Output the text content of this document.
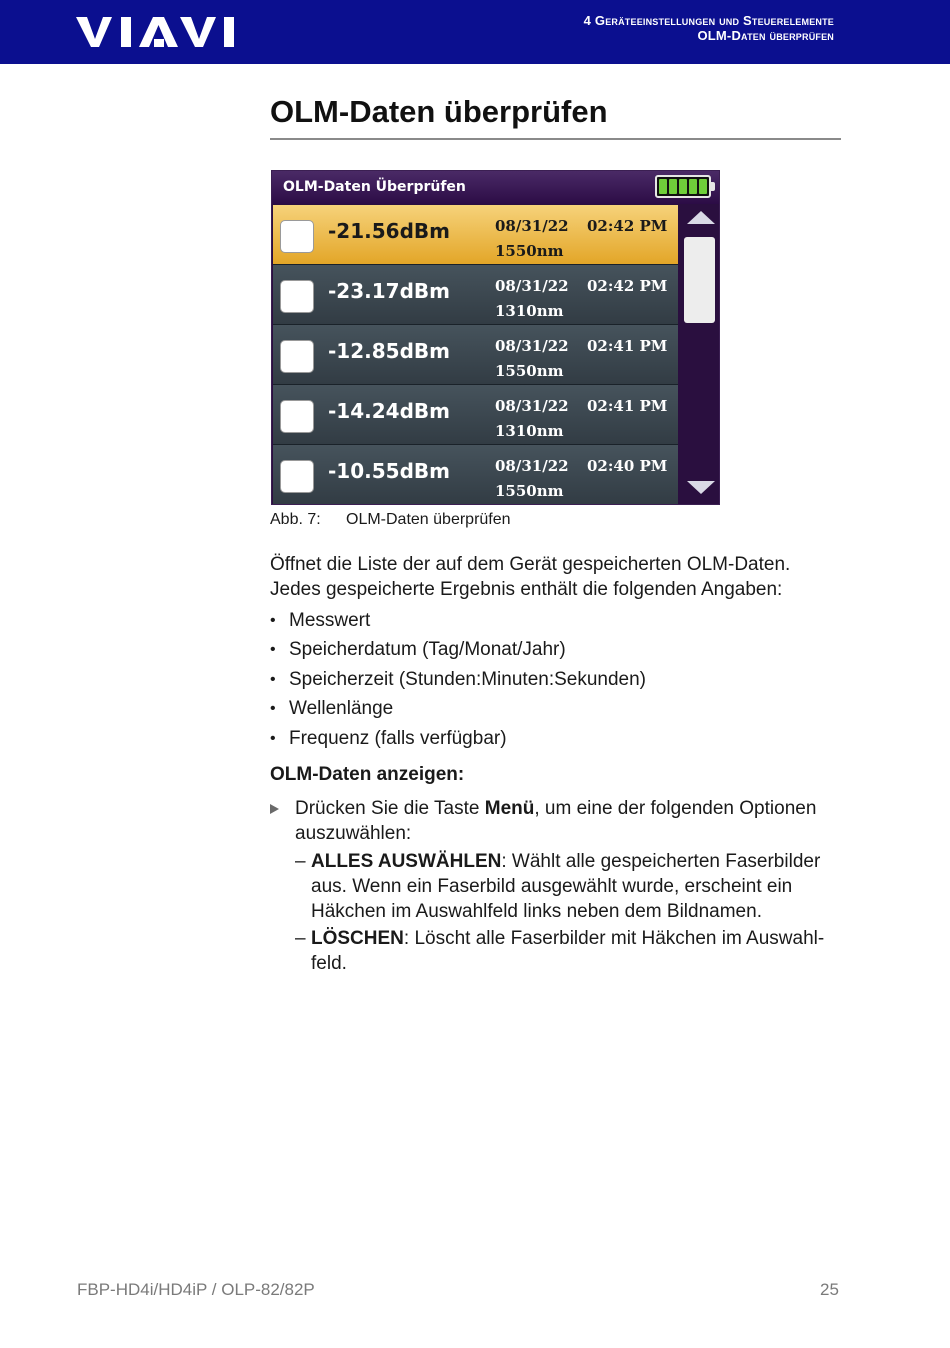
4 Geräteeinstellungen und Steuerelemente
OLM-Daten überprüfen
OLM-Daten überprüfen
OLM-Daten Überprüfen
-21.56dBm	08/31/22 02:42 PM
1550nm
-23.17dBm	08/31/22 02:42 PM
1310nm
-12.85dBm	08/31/22 02:41 PM
1550nm
-14.24dBm	08/31/22 02:41 PM
1310nm
-10.55dBm	08/31/22 02:40 PM
1550nm
Abb. 7: OLM-Daten überprüfen

Öffnet die Liste der auf dem Gerät gespeicherten OLM-Daten. Jedes gespeicherte Ergebnis enthält die folgenden Angaben:

• Messwert
• Speicherdatum (Tag/Monat/Jahr)
• Speicherzeit (Stunden:Minuten:Sekunden)
• Wellenlänge
• Frequenz (falls verfügbar)
OLM-Daten anzeigen:
Drücken Sie die Taste Menü, um eine der folgenden Optionen auszuwählen:
– ALLES AUSWÄHLEN: Wählt alle gespeicherten Faserbilder aus. Wenn ein Faserbild ausgewählt wurde, erscheint ein Häkchen im Auswahlfeld links neben dem Bildnamen.
– LÖSCHEN: Löscht alle Faserbilder mit Häkchen im Auswahl-feld.
FBP-HD4i/HD4iP / OLP-82/82P	25
